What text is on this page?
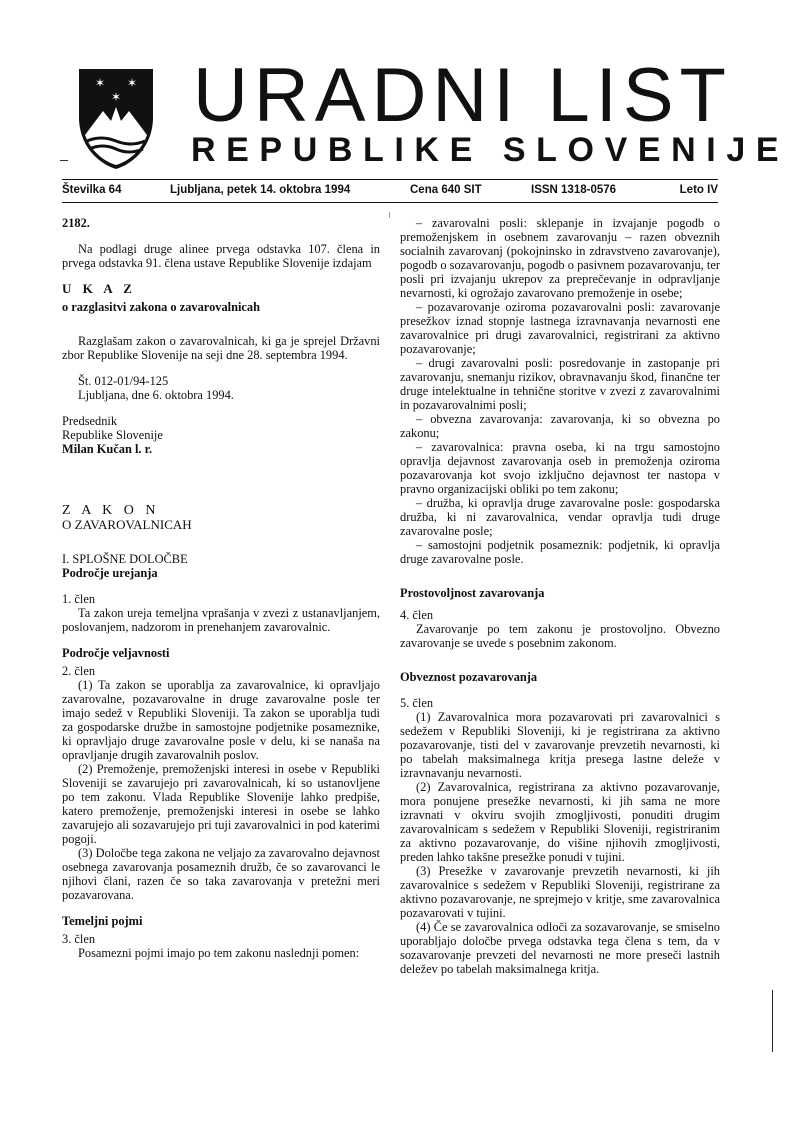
✶ ✶
✶ URADNI LIST
REPUBLIKE SLOVENIJE
Številka 64	Ljubljana, petek 14. oktobra 1994	Cena 640 SIT	ISSN 1318-0576	Leto IV

2182.

Na podlagi druge alinee prvega odstavka 107. člena in prvega odstavka 91. člena ustave Republike Slovenije izdajam

U K A Z

o razglasitvi zakona o zavarovalnicah

Razglašam zakon o zavarovalnicah, ki ga je sprejel Državni zbor Republike Slovenije na seji dne 28. septembra 1994.

Št. 012-01/94-125

Ljubljana, dne 6. oktobra 1994.

Predsednik

Republike Slovenije

Milan Kučan l. r.

Z A K O N

O ZAVAROVALNICAH

I. SPLOŠNE DOLOČBE

Področje urejanja

1. člen

Ta zakon ureja temeljna vprašanja v zvezi z ustanavljanjem, poslovanjem, nadzorom in prenehanjem zavarovalnic.

Področje veljavnosti

2. člen

(1) Ta zakon se uporablja za zavarovalnice, ki opravljajo zavarovalne, pozavarovalne in druge zavarovalne posle ter imajo sedež v Republiki Sloveniji. Ta zakon se uporablja tudi za gospodarske družbe in samostojne podjetnike posameznike, ki opravljajo druge zavarovalne posle v delu, ki se nanaša na opravljanje drugih zavarovalnih poslov.

(2) Premoženje, premoženjski interesi in osebe v Republiki Sloveniji se zavarujejo pri zavarovalnicah, ki so ustanovljene po tem zakonu. Vlada Republike Slovenije lahko predpiše, katero premoženje, premoženjski interesi in osebe se lahko zavarujejo ali sozavarujejo pri tuji zavarovalnici in pod katerimi pogoji.

(3) Določbe tega zakona ne veljajo za zavarovalno dejavnost osebnega zavarovanja posameznih družb, če so zavarovanci le njihovi člani, razen če so taka zavarovanja v pretežni meri pozavarovana.

Temeljni pojmi

3. člen

Posamezni pojmi imajo po tem zakonu naslednji pomen:

– zavarovalni posli: sklepanje in izvajanje pogodb o premoženjskem in osebnem zavarovanju – razen obveznih socialnih zavarovanj (pokojninsko in zdravstveno zavarovanje), pogodb o sozavarovanju, pogodb o pasivnem pozavarovanju, ter posli pri izvajanju ukrepov za preprečevanje in odpravljanje nevarnosti, ki ogrožajo zavarovano premoženje in osebe;

– pozavarovanje oziroma pozavarovalni posli: zavarovanje presežkov iznad stopnje lastnega izravnavanja nevarnosti ene zavarovalnice pri drugi zavarovalnici, registrirani za aktivno pozavarovanje;

– drugi zavarovalni posli: posredovanje in zastopanje pri zavarovanju, snemanju rizikov, obravnavanju škod, finančne ter druge intelektualne in tehnične storitve v zvezi z zavarovalnimi in pozavarovalnimi posli;

– obvezna zavarovanja: zavarovanja, ki so obvezna po zakonu;

– zavarovalnica: pravna oseba, ki na trgu samostojno opravlja dejavnost zavarovanja oseb in premoženja oziroma pozavarovanja kot svojo izključno dejavnost ter nastopa v pravno organizacijski obliki po tem zakonu;

– družba, ki opravlja druge zavarovalne posle: gospodarska družba, ki ni zavarovalnica, vendar opravlja tudi druge zavarovalne posle;

– samostojni podjetnik posameznik: podjetnik, ki opravlja druge zavarovalne posle.

Prostovoljnost zavarovanja

4. člen

Zavarovanje po tem zakonu je prostovoljno. Obvezno zavarovanje se uvede s posebnim zakonom.

Obveznost pozavarovanja

5. člen

(1) Zavarovalnica mora pozavarovati pri zavarovalnici s sedežem v Republiki Sloveniji, ki je registrirana za aktivno pozavarovanje, tisti del v zavarovanje prevzetih nevarnosti, ki po tabelah maksimalnega kritja presega lastne deleže v izravnavanju nevarnosti.

(2) Zavarovalnica, registrirana za aktivno pozavarovanje, mora ponujene presežke nevarnosti, ki jih sama ne more izravnati v okviru svojih zmogljivosti, ponuditi drugim zavarovalnicam s sedežem v Republiki Sloveniji, registriranim za aktivno pozavarovanje, do višine njihovih zmogljivosti, preden lahko takšne presežke ponudi v tujini.

(3) Presežke v zavarovanje prevzetih nevarnosti, ki jih zavarovalnice s sedežem v Republiki Sloveniji, registrirane za aktivno pozavarovanje, ne sprejmejo v kritje, sme zavarovalnica pozavarovati v tujini.

(4) Če se zavarovalnica odloči za sozavarovanje, se smiselno uporabljajo določbe prvega odstavka tega člena s tem, da v sozavarovanje prevzeti del nevarnosti ne more preseči lastnih deležev po tabelah maksimalnega kritja.
